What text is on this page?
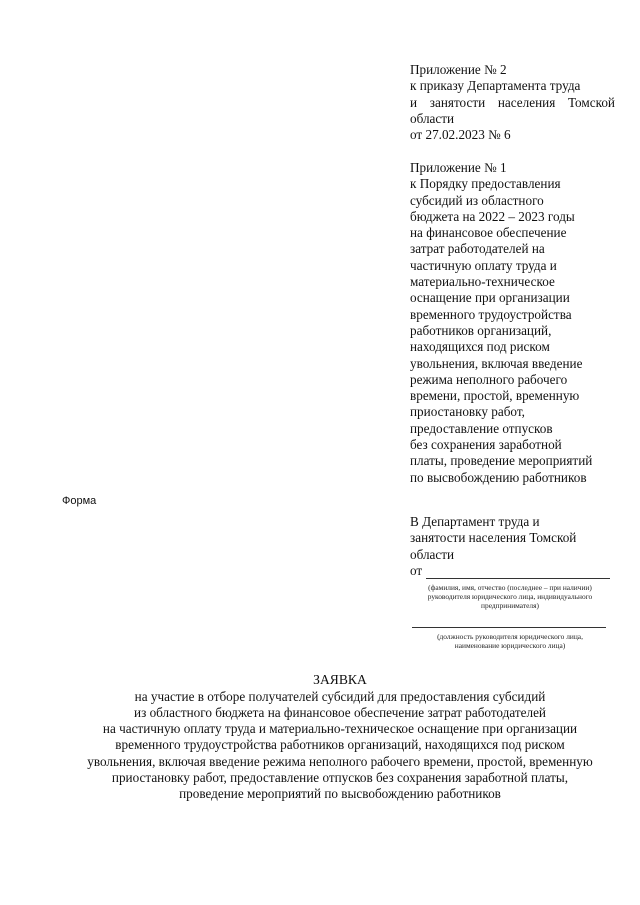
Приложение № 2
к приказу Департамента труда
и занятости населения Томской
области
от 27.02.2023 № 6
Приложение № 1
к Порядку предоставления
субсидий из областного
бюджета на 2022 – 2023 годы
на финансовое обеспечение
затрат работодателей на
частичную оплату труда и
материально-техническое
оснащение при организации
временного трудоустройства
работников организаций,
находящихся под риском
увольнения, включая введение
режима неполного рабочего
времени, простой, временную
приостановку работ,
предоставление отпусков
без сохранения заработной
платы, проведение мероприятий
по высвобождению работников
Форма
В Департамент труда и
занятости населения Томской
области
от
(фамилия, имя, отчество (последнее – при наличии)
руководителя юридического лица, индивидуального
предпринимателя)
(должность руководителя юридического лица,
наименование юридического лица)
ЗАЯВКА
на участие в отборе получателей субсидий для предоставления субсидий
из областного бюджета на финансовое обеспечение затрат работодателей
на частичную оплату труда и материально-техническое оснащение при организации
временного трудоустройства работников организаций, находящихся под риском
увольнения, включая введение режима неполного рабочего времени, простой, временную
приостановку работ, предоставление отпусков без сохранения заработной платы,
проведение мероприятий по высвобождению работников
